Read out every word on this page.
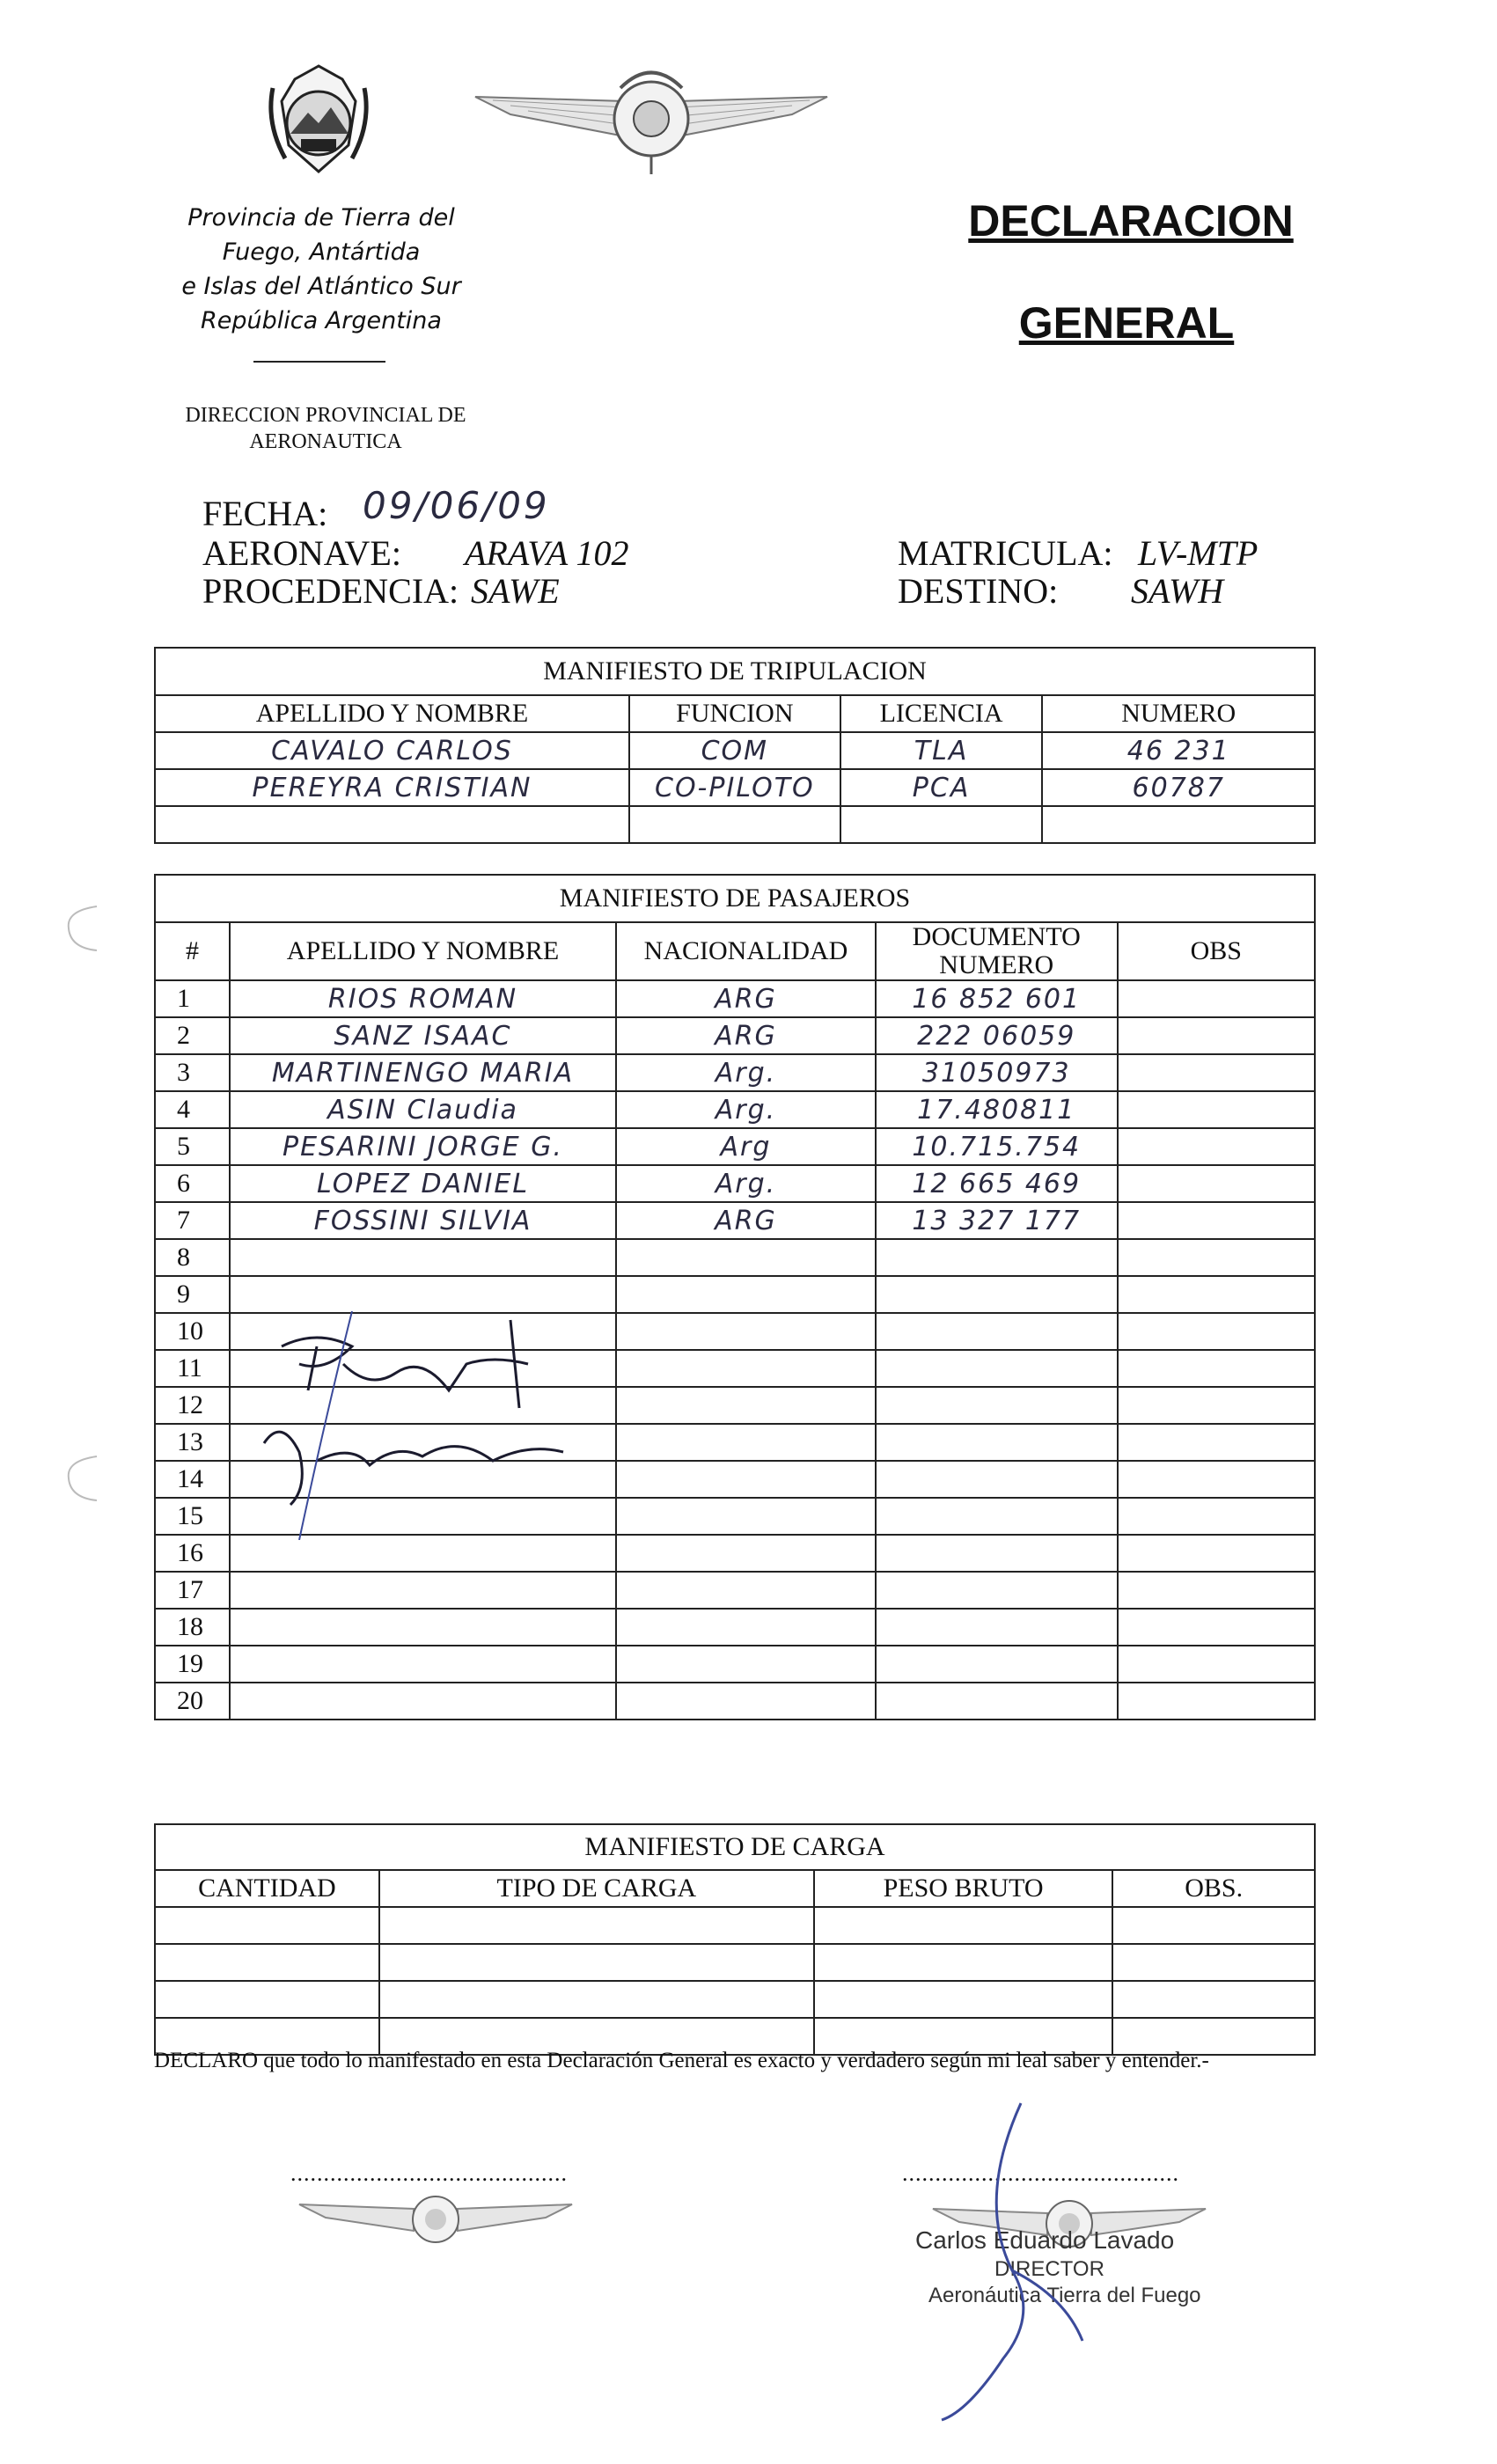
Provincia de Tierra del
Fuego, Antártida
e Islas del Atlántico Sur
República Argentina
DIRECCION PROVINCIAL DE
AERONAUTICA
DECLARACION
GENERAL
FECHA: 09/06/09
AERONAVE: ARAVA 102
PROCEDENCIA: SAWE
MATRICULA: LV-MTP
DESTINO: SAWH
MANIFIESTO DE TRIPULACION			
APELLIDO Y NOMBRE	FUNCION	LICENCIA	NUMERO
CAVALO CARLOS	COM	TLA	46 231
PEREYRA CRISTIAN	CO-PILOTO	PCA	60787

MANIFIESTO DE PASAJEROS				
#	APELLIDO Y NOMBRE	NACIONALIDAD	DOCUMENTO NUMERO	OBS
1	RIOS ROMAN	ARG	16 852 601	
2	SANZ ISAAC	ARG	222 06059	
3	MARTINENGO MARIA	Arg.	31050973	
4	ASIN Claudia	Arg.	17.480811	
5	PESARINI JORGE G.	Arg	10.715.754	
6	LOPEZ DANIEL	Arg.	12 665 469	
7	FOSSINI SILVIA	ARG	13 327 177	
8				
9				
10				
11				
12				
13				
14				
15				
16				
17				
18				
19				
20				
MANIFIESTO DE CARGA			
CANTIDAD	TIPO DE CARGA	PESO BRUTO	OBS.

DECLARO que todo lo manifestado en esta Declaración General es exacto y verdadero según mi leal saber y entender.-
..........................................	..........................................
Carlos Eduardo Lavado
DIRECTOR
Aeronáutica Tierra del Fuego
